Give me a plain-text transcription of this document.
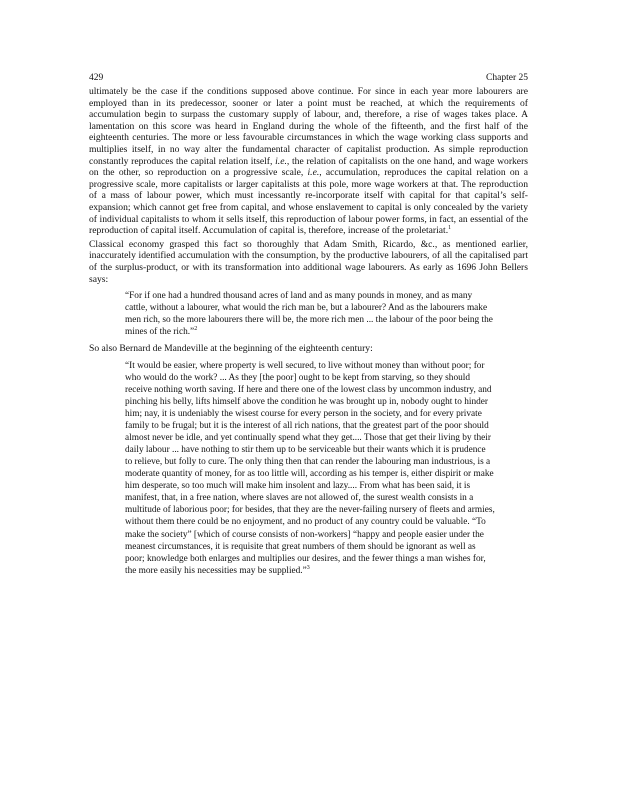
429	Chapter 25

ultimately be the case if the conditions supposed above continue. For since in each year more labourers are employed than in its predecessor, sooner or later a point must be reached, at which the requirements of accumulation begin to surpass the customary supply of labour, and, therefore, a rise of wages takes place. A lamentation on this score was heard in England during the whole of the fifteenth, and the first half of the eighteenth centuries. The more or less favourable circumstances in which the wage working class supports and multiplies itself, in no way alter the fundamental character of capitalist production. As simple reproduction constantly reproduces the capital relation itself, i.e., the relation of capitalists on the one hand, and wage workers on the other, so reproduction on a progressive scale, i.e., accumulation, reproduces the capital relation on a progressive scale, more capitalists or larger capitalists at this pole, more wage workers at that. The reproduction of a mass of labour power, which must incessantly re-incorporate itself with capital for that capital’s self-expansion; which cannot get free from capital, and whose enslavement to capital is only concealed by the variety of individual capitalists to whom it sells itself, this reproduction of labour power forms, in fact, an essential of the reproduction of capital itself. Accumulation of capital is, therefore, increase of the proletariat.$^1$

Classical economy grasped this fact so thoroughly that Adam Smith, Ricardo, &c., as mentioned earlier, inaccurately identified accumulation with the consumption, by the productive labourers, of all the capitalised part of the surplus-product, or with its transformation into additional wage labourers. As early as 1696 John Bellers says:

“For if one had a hundred thousand acres of land and as many pounds in money, and as many cattle, without a labourer, what would the rich man be, but a labourer? And as the labourers make men rich, so the more labourers there will be, the more rich men ... the labour of the poor being the mines of the rich.”$^2$

So also Bernard de Mandeville at the beginning of the eighteenth century:

“It would be easier, where property is well secured, to live without money than without poor; for who would do the work? ... As they [the poor] ought to be kept from starving, so they should receive nothing worth saving. If here and there one of the lowest class by uncommon industry, and pinching his belly, lifts himself above the condition he was brought up in, nobody ought to hinder him; nay, it is undeniably the wisest course for every person in the society, and for every private family to be frugal; but it is the interest of all rich nations, that the greatest part of the poor should almost never be idle, and yet continually spend what they get.... Those that get their living by their daily labour ... have nothing to stir them up to be serviceable but their wants which it is prudence to relieve, but folly to cure. The only thing then that can render the labouring man industrious, is a moderate quantity of money, for as too little will, according as his temper is, either dispirit or make him desperate, so too much will make him insolent and lazy.... From what has been said, it is manifest, that, in a free nation, where slaves are not allowed of, the surest wealth consists in a multitude of laborious poor; for besides, that they are the never-failing nursery of fleets and armies, without them there could be no enjoyment, and no product of any country could be valuable. “To make the society” [which of course consists of non-workers] “happy and people easier under the meanest circumstances, it is requisite that great numbers of them should be ignorant as well as poor; knowledge both enlarges and multiplies our desires, and the fewer things a man wishes for, the more easily his necessities may be supplied.”$^3$
